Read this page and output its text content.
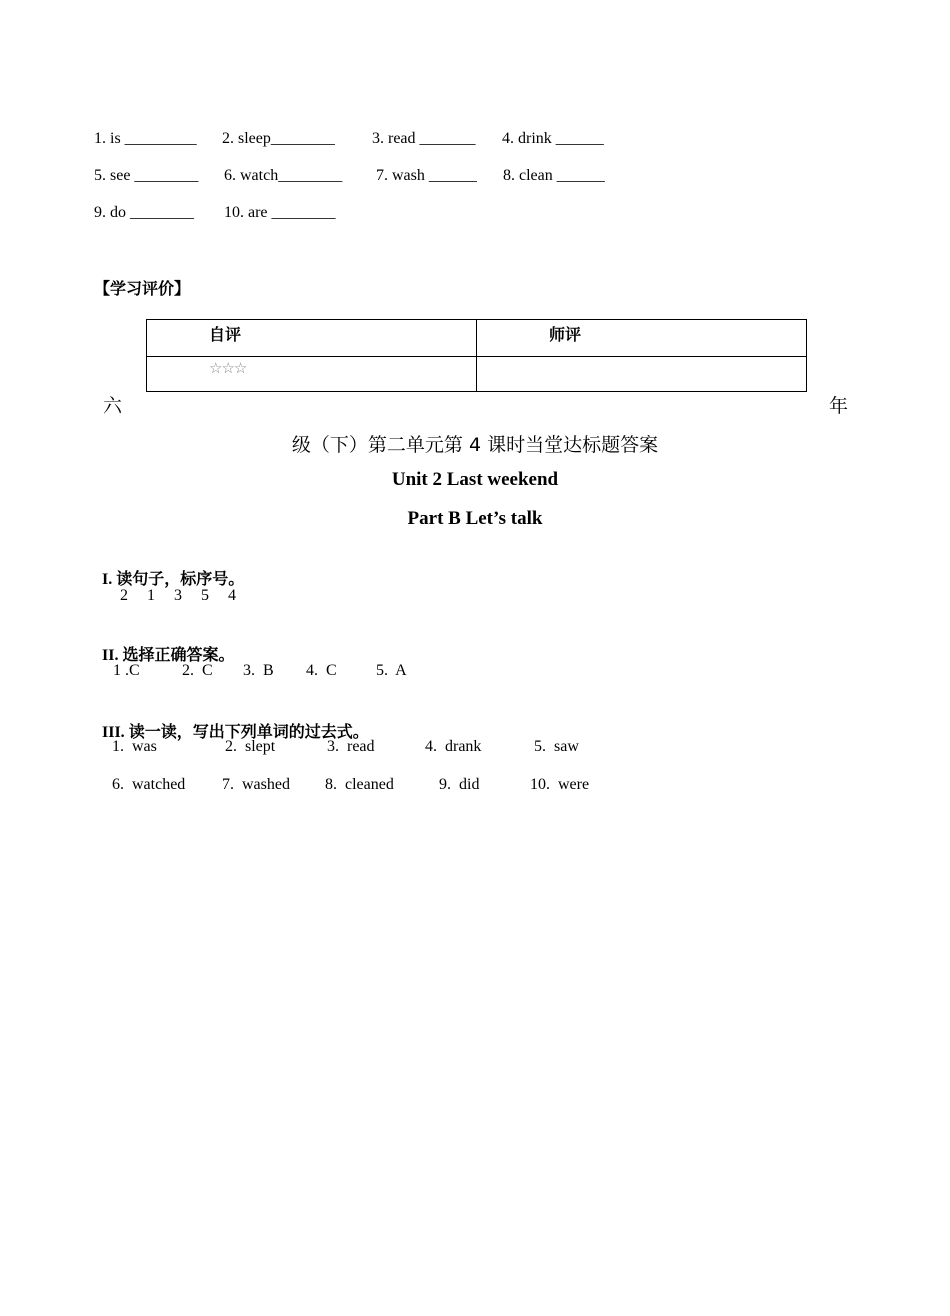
1. is _________ 2. sleep________ 3. read _______ 4. drink ______
5. see ________ 6. watch________ 7. wash ______ 8. clean ______
9. do ________ 10. are ________
【学习评价】
自评	师评

☆☆☆	

六	年
级（下）第二单元第 4 课时当堂达标题答案
Unit 2 Last weekend
Part B Let’s talk

I. 读句子，标序号。

2 1 3 5 4

II. 选择正确答案。

1 .C	2.  C 3.  B 4.  C 5.  A

III. 读一读，写出下列单词的过去式。

1.  was	2.  slept	3.  read	4.  drank	5.  saw
6.  watched 7.  washed 8.  cleaned	9.  did	10.  were
